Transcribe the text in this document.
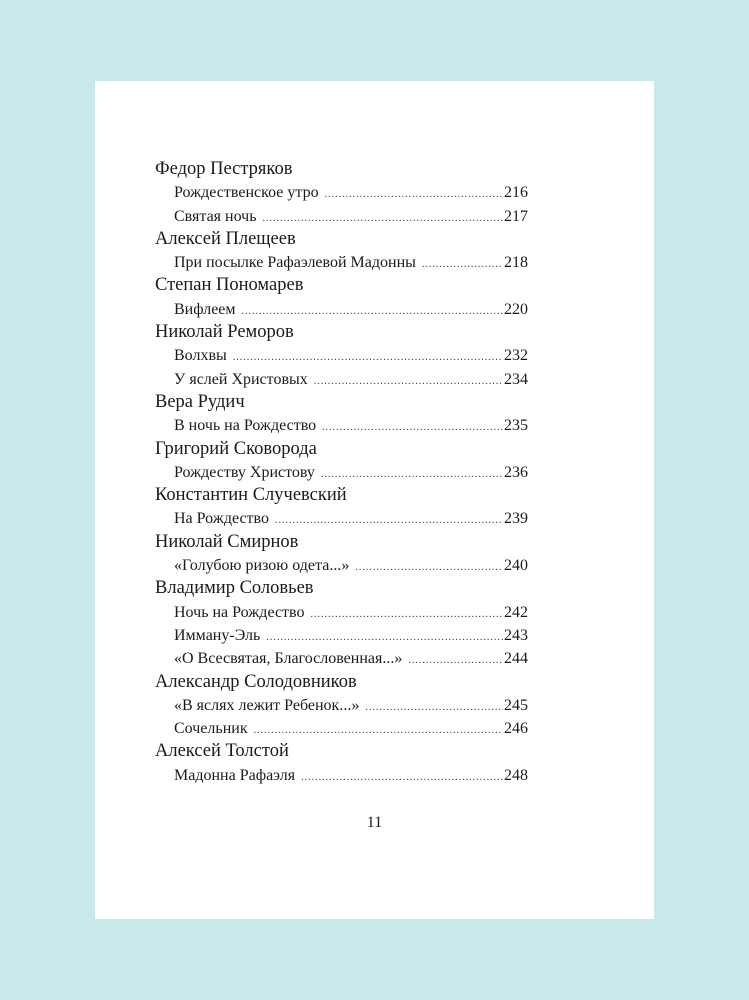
Федор Пестряков
Рождественское утро .....	216
Святая ночь .....	217
Алексей Плещеев
При посылке Рафаэлевой Мадонны .....	218
Степан Пономарев
Вифлеем .....	220
Николай Реморов
Волхвы .....	232
У яслей Христовых .....	234
Вера Рудич
В ночь на Рождество .....	235
Григорий Сковорода
Рождеству Христову .....	236
Константин Случевский
На Рождество .....	239
Николай Смирнов
«Голубою ризою одета...» .....	240
Владимир Соловьев
Ночь на Рождество .....	242
Имману-Эль .....	243
«О Всесвятая, Благословенная...» .....	244
Александр Солодовников
«В яслях лежит Ребенок...» .....	245
Сочельник .....	246
Алексей Толстой
Мадонна Рафаэля .....	248
11
